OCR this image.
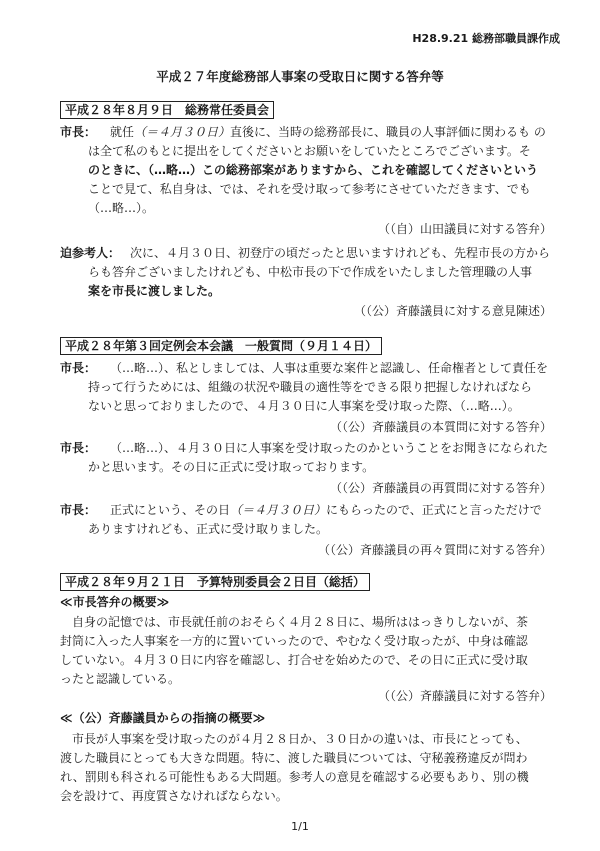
H28.9.21 総務部職員課作成
平成２７年度総務部人事案の受取日に関する答弁等
平成２８年８月９日　総務常任委員会
市長： 就任（＝４月３０日）直後に、当時の総務部長に、職員の人事評価に関わるも の
は全て私のもとに提出をしてくださいとお願いをしていたところでございます。そ
のときに、（…略…）この総務部案がありますから、これを確認してくださいという
ことで見て、私自身は、では、それを受け取って参考にさせていただきます、でも
（…略…）。
（（自）山田議員に対する答弁）
迫参考人： 次に、４月３０日、初登庁の頃だったと思いますけれども、先程市長の方から
らも答弁ございましたけれども、中松市長の下で作成をいたしました管理職の人事
案を市長に渡しました。
（（公）斉藤議員に対する意見陳述）
平成２８年第３回定例会本会議　一般質問（９月１４日）
市長： （…略…）、私としましては、人事は重要な案件と認識し、任命権者として責任を
持って行うためには、組織の状況や職員の適性等をできる限り把握しなければなら
ないと思っておりましたので、４月３０日に人事案を受け取った際、（…略…）。
（（公）斉藤議員の本質問に対する答弁）
市長： （…略…）、４月３０日に人事案を受け取ったのかということをお聞きになられた
かと思います。その日に正式に受け取っております。
（（公）斉藤議員の再質問に対する答弁）
市長： 正式にという、その日（＝４月３０日）にもらったので、正式にと言っただけで
ありますけれども、正式に受け取りました。
（（公）斉藤議員の再々質問に対する答弁）
平成２８年９月２１日　予算特別委員会２日目（総括）
≪市長答弁の概要≫
自身の記憶では、市長就任前のおそらく４月２８日に、場所ははっきりしないが、茶
封筒に入った人事案を一方的に置いていったので、やむなく受け取ったが、中身は確認
していない。４月３０日に内容を確認し、打合せを始めたので、その日に正式に受け取
ったと認識している。
（（公）斉藤議員に対する答弁）
≪（公）斉藤議員からの指摘の概要≫
市長が人事案を受け取ったのが４月２８日か、３０日かの違いは、市長にとっても、
渡した職員にとっても大きな問題。特に、渡した職員については、守秘義務違反が問わ
れ、罰則も科される可能性もある大問題。参考人の意見を確認する必要もあり、別の機
会を設けて、再度質さなければならない。
1/1
